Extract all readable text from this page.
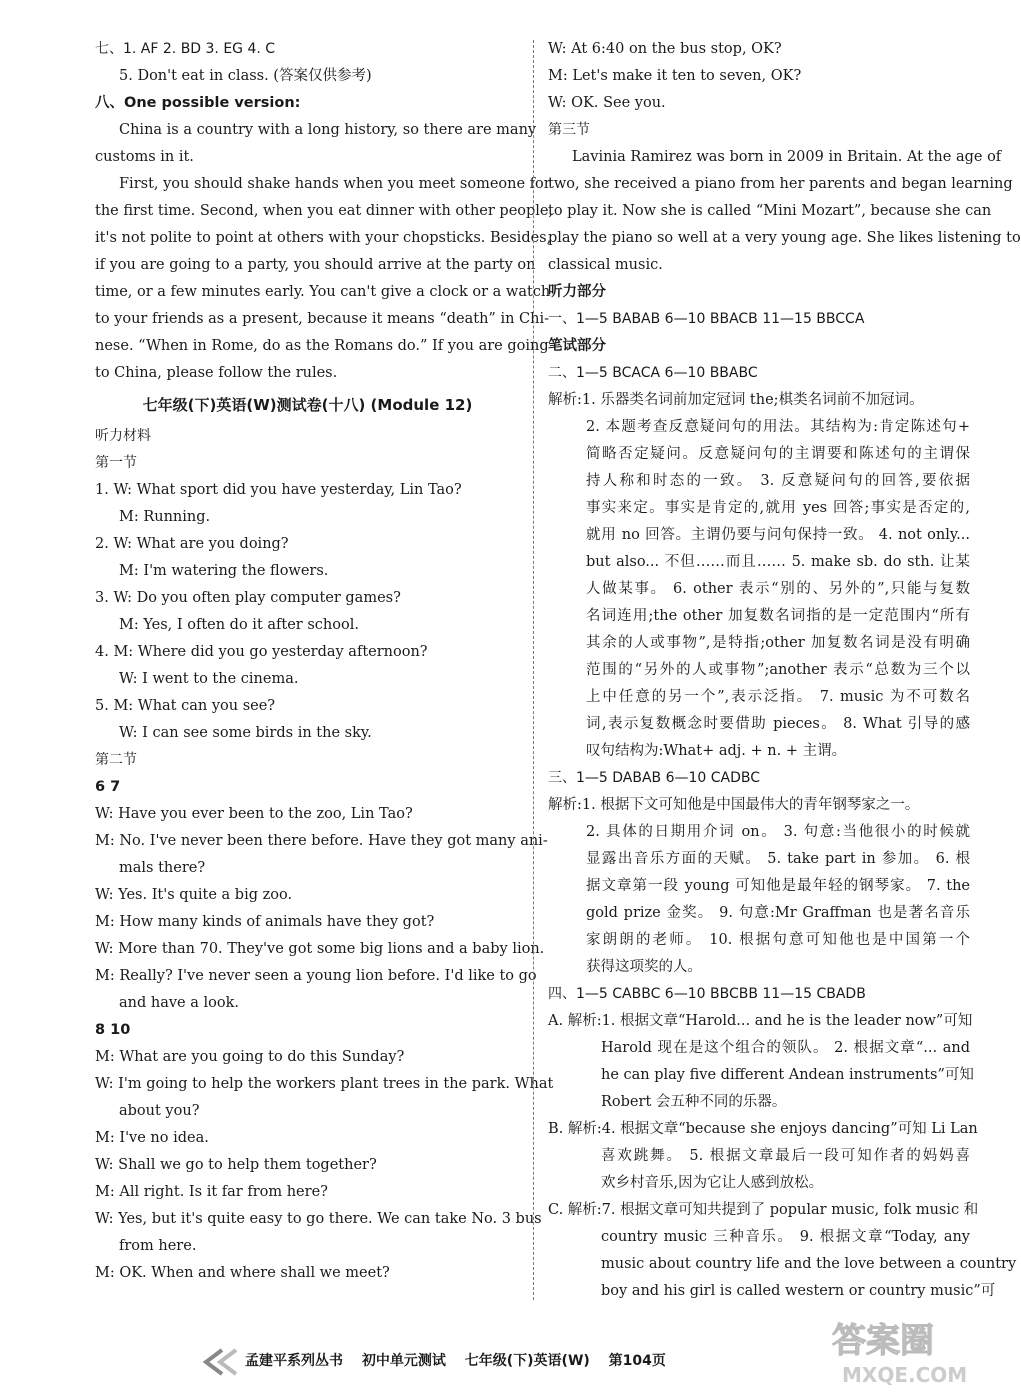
七、1. AF 2. BD 3. EG 4. C
5. Don't eat in class. (答案仅供参考)
八、One possible version:
China is a country with a long history, so there are many
customs in it.
First, you should shake hands when you meet someone for
the first time. Second, when you eat dinner with other people,
it's not polite to point at others with your chopsticks. Besides,
if you are going to a party, you should arrive at the party on
time, or a few minutes early. You can't give a clock or a watch
to your friends as a present, because it means “death” in Chi-
nese. “When in Rome, do as the Romans do.” If you are going
to China, please follow the rules.
七年级(下)英语(W)测试卷(十八) (Module 12)
听力材料
第一节
1. W: What sport did you have yesterday, Lin Tao?
M: Running.
2. W: What are you doing?
M: I'm watering the flowers.
3. W: Do you often play computer games?
M: Yes, I often do it after school.
4. M: Where did you go yesterday afternoon?
W: I went to the cinema.
5. M: What can you see?
W: I can see some birds in the sky.
第二节
6 7
W: Have you ever been to the zoo, Lin Tao?
M: No. I've never been there before. Have they got many ani-
mals there?
W: Yes. It's quite a big zoo.
M: How many kinds of animals have they got?
W: More than 70. They've got some big lions and a baby lion.
M: Really? I've never seen a young lion before. I'd like to go
and have a look.
8 10
M: What are you going to do this Sunday?
W: I'm going to help the workers plant trees in the park. What
about you?
M: I've no idea.
W: Shall we go to help them together?
M: All right. Is it far from here?
W: Yes, but it's quite easy to go there. We can take No. 3 bus
from here.
M: OK. When and where shall we meet?
W: At 6:40 on the bus stop, OK?
M: Let's make it ten to seven, OK?
W: OK. See you.
第三节
Lavinia Ramirez was born in 2009 in Britain. At the age of
two, she received a piano from her parents and began learning
to play it. Now she is called “Mini Mozart”, because she can
play the piano so well at a very young age. She likes listening to
classical music.
听力部分
一、1—5 BABAB 6—10 BBACB 11—15 BBCCA
笔试部分
二、1—5 BCACA 6—10 BBABC
解析:1. 乐器类名词前加定冠词 the;棋类名词前不加冠词。
2. 本题考查反意疑问句的用法。其结构为:肯定陈述句+
简略否定疑问。反意疑问句的主谓要和陈述句的主谓保
持人称和时态的一致。 3. 反意疑问句的回答,要依据
事实来定。事实是肯定的,就用 yes 回答;事实是否定的,
就用 no 回答。主谓仍要与问句保持一致。 4. not only...
but also... 不但……而且…… 5. make sb. do sth. 让某
人做某事。 6. other 表示“别的、另外的”,只能与复数
名词连用;the other 加复数名词指的是一定范围内“所有
其余的人或事物”,是特指;other 加复数名词是没有明确
范围的“另外的人或事物”;another 表示“总数为三个以
上中任意的另一个”,表示泛指。 7. music 为不可数名
词,表示复数概念时要借助 pieces。 8. What 引导的感
叹句结构为:What+ adj. + n. + 主谓。
三、1—5 DABAB 6—10 CADBC
解析:1. 根据下文可知他是中国最伟大的青年钢琴家之一。
2. 具体的日期用介词 on。 3. 句意:当他很小的时候就
显露出音乐方面的天赋。 5. take part in 参加。 6. 根
据文章第一段 young 可知他是最年轻的钢琴家。 7. the
gold prize 金奖。 9. 句意:Mr Graffman 也是著名音乐
家朗朗的老师。 10. 根据句意可知他也是中国第一个
获得这项奖的人。
四、1—5 CABBC 6—10 BBCBB 11—15 CBADB
A. 解析:1. 根据文章“Harold... and he is the leader now”可知
Harold 现在是这个组合的领队。 2. 根据文章“... and
he can play five different Andean instruments”可知
Robert 会五种不同的乐器。
B. 解析:4. 根据文章“because she enjoys dancing”可知 Li Lan
喜欢跳舞。 5. 根据文章最后一段可知作者的妈妈喜
欢乡村音乐,因为它让人感到放松。
C. 解析:7. 根据文章可知共提到了 popular music, folk music 和
country music 三种音乐。 9. 根据文章“Today, any
music about country life and the love between a country
boy and his girl is called western or country music”可
孟建平系列丛书 初中单元测试 七年级(下)英语(W) 第104页	答案圈
MXQE.COM
